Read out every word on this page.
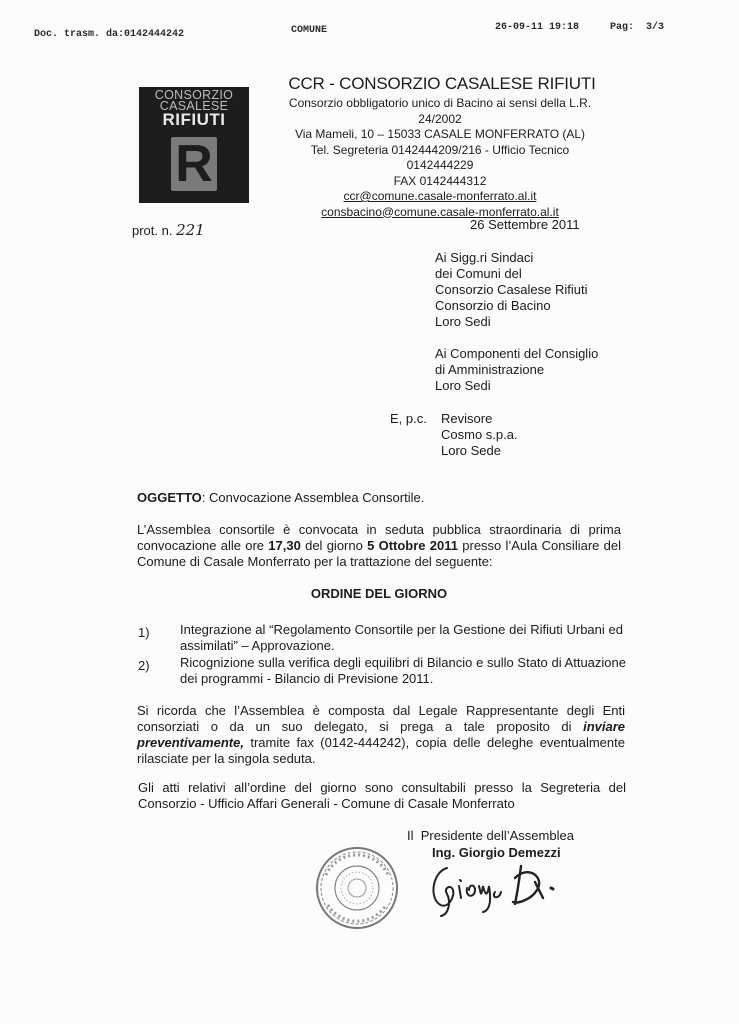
Doc. trasm. da:0142444242	COMUNE	26-09-11 19:18	Pag:  3/3
CONSORZIO
CASALESE
RIFIUTI
R
CCR - CONSORZIO CASALESE RIFIUTI
Consorzio obbligatorio unico di Bacino ai sensi della L.R.
24/2002
Via Mameli, 10 – 15033 CASALE MONFERRATO (AL)
Tel. Segreteria 0142444209/216 - Ufficio Tecnico
0142444229
FAX 0142444312
ccr@comune.casale-monferrato.al.it
consbacino@comune.casale-monferrato.al.it
prot. n. 221	26 Settembre 2011
Ai Sigg.ri Sindaci
dei Comuni del
Consorzio Casalese Rifiuti
Consorzio di Bacino
Loro Sedi
Ai Componenti del Consiglio
di Amministrazione
Loro Sedi
E, p.c. Revisore
Cosmo s.p.a.
Loro Sede
OGGETTO: Convocazione Assemblea Consortile.
L’Assemblea consortile è convocata in seduta pubblica straordinaria di prima convocazione alle ore 17,30 del giorno 5 Ottobre 2011 presso l’Aula Consiliare del Comune di Casale Monferrato per la trattazione del seguente:
ORDINE DEL GIORNO
1) Integrazione al “Regolamento Consortile per la Gestione dei Rifiuti Urbani ed assimilati” – Approvazione.
2) Ricognizione sulla verifica degli equilibri di Bilancio e sullo Stato di Attuazione dei programmi - Bilancio di Previsione 2011.
Si ricorda che l’Assemblea è composta dal Legale Rappresentante degli Enti consorziati o da un suo delegato, si prega a tale proposito di inviare preventivamente, tramite fax (0142-444242), copia delle deleghe eventualmente rilasciate per la singola seduta.
Gli atti relativi all’ordine del giorno sono consultabili presso la Segreteria del Consorzio - Ufficio Affari Generali - Comune di Casale Monferrato
Il  Presidente dell’Assemblea
Ing. Giorgio Demezzi
